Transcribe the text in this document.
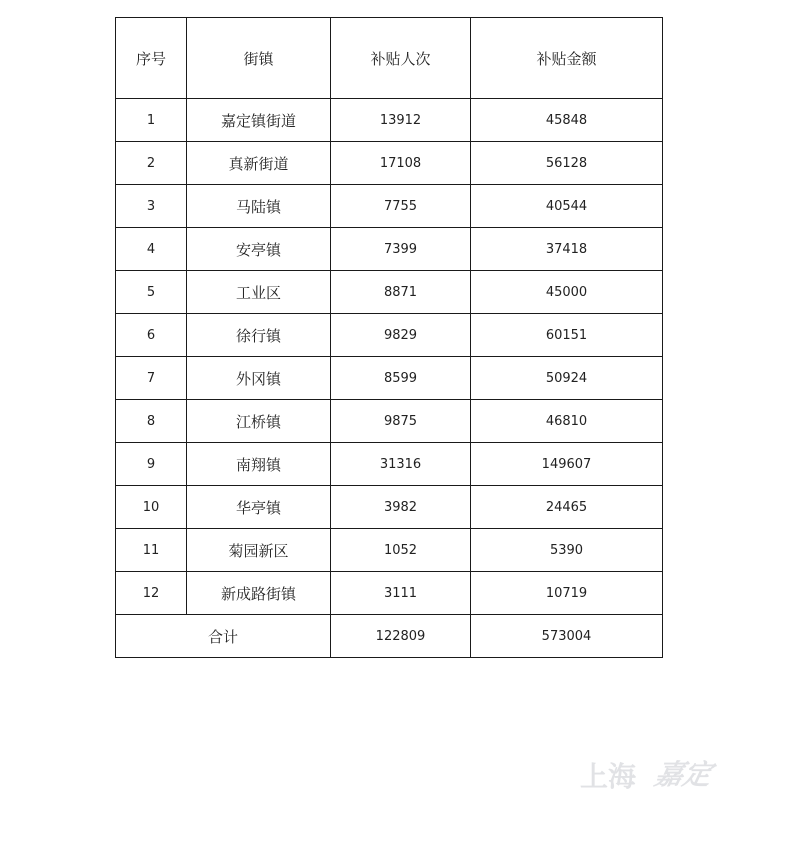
序号	街镇	补贴人次	补贴金额
1	嘉定镇街道	13912	45848
2	真新街道	17108	56128
3	马陆镇	7755	40544
4	安亭镇	7399	37418
5	工业区	8871	45000
6	徐行镇	9829	60151
7	外冈镇	8599	50924
8	江桥镇	9875	46810
9	南翔镇	31316	149607
10	华亭镇	3982	24465
11	菊园新区	1052	5390
12	新成路街镇	3111	10719
合计		122809	573004
上海 嘉定
